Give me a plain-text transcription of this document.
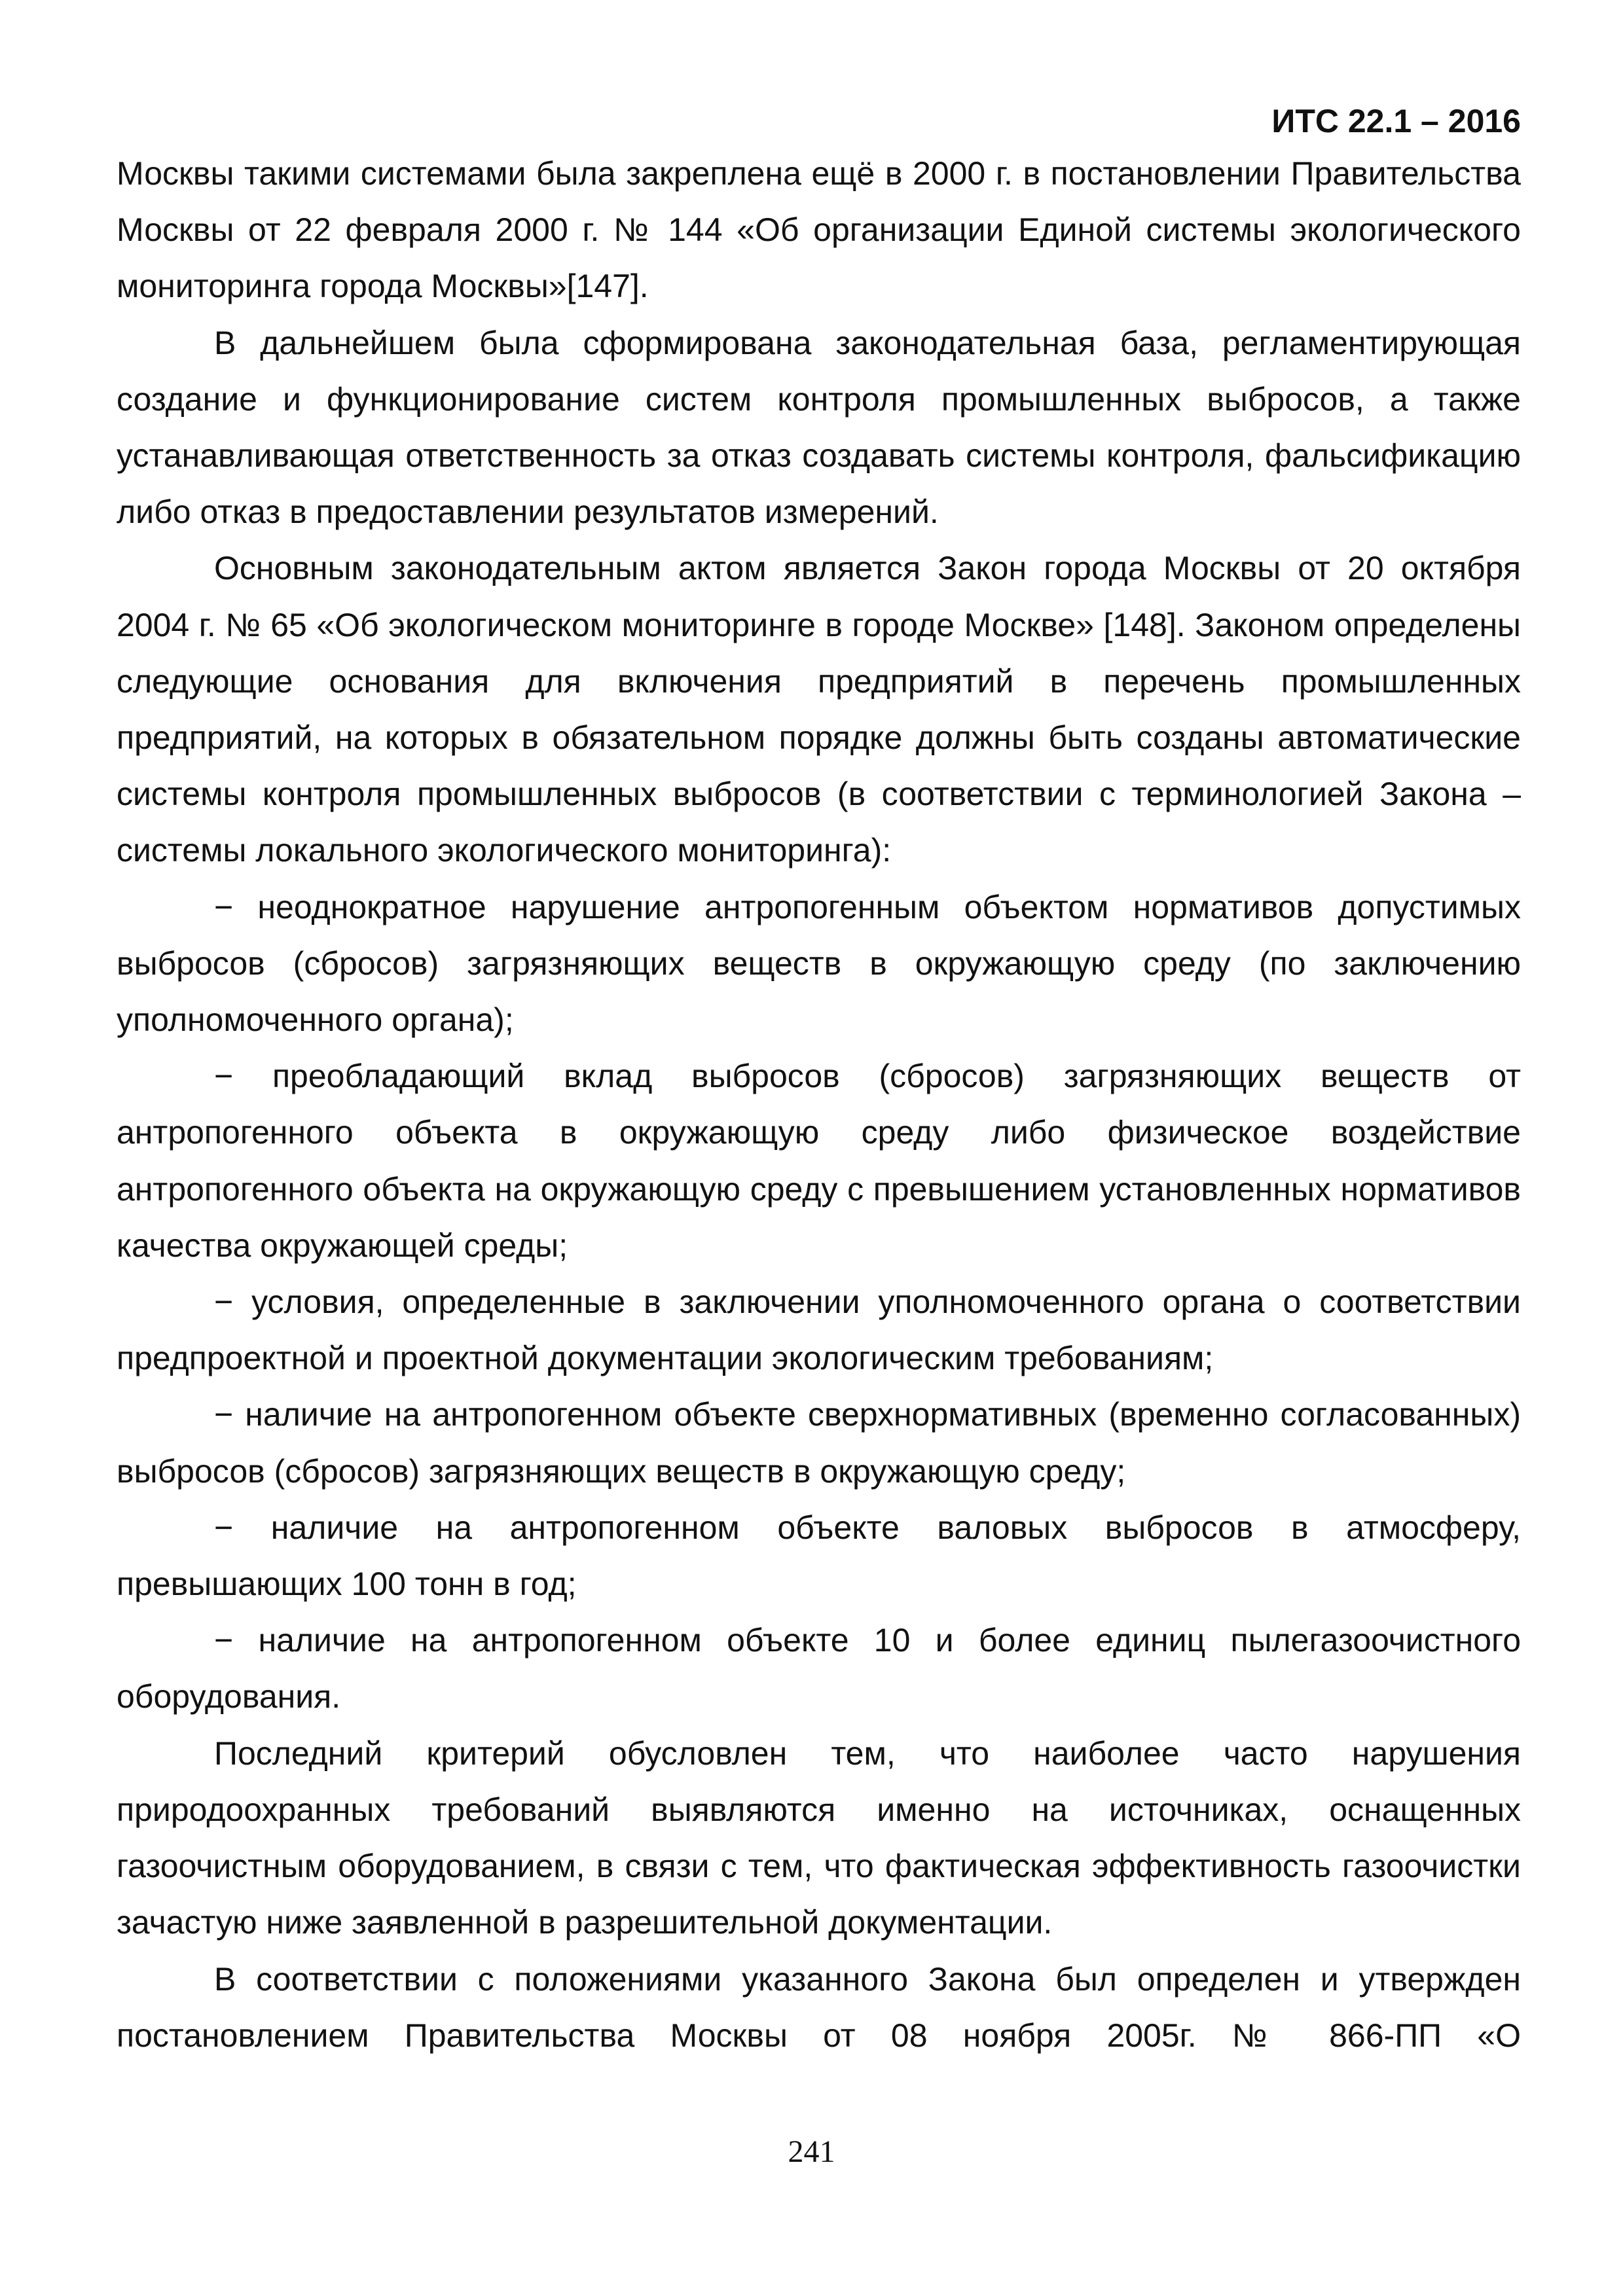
ИТС 22.1 – 2016

Москвы такими системами была закреплена ещё в 2000 г. в постановлении Правительства Москвы от 22 февраля 2000 г. № 144 «Об организации Единой системы экологического мониторинга города Москвы»[147].

В дальнейшем была сформирована законодательная база, регламентирующая создание и функционирование систем контроля промышленных выбросов, а также устанавливающая ответственность за отказ создавать системы контроля, фальсификацию либо отказ в предоставлении результатов измерений.

Основным законодательным актом является Закон города Москвы от 20 октября 2004 г. № 65 «Об экологическом мониторинге в городе Москве» [148]. Законом определены следующие основания для включения предприятий в перечень промышленных предприятий, на которых в обязательном порядке должны быть созданы автоматические системы контроля промышленных выбросов (в соответствии с терминологией Закона – системы локального экологического мониторинга):

− неоднократное нарушение антропогенным объектом нормативов допустимых выбросов (сбросов) загрязняющих веществ в окружающую среду (по заключению уполномоченного органа);

− преобладающий вклад выбросов (сбросов) загрязняющих веществ от антропогенного объекта в окружающую среду либо физическое воздействие антропогенного объекта на окружающую среду с превышением установленных нормативов качества окружающей среды;

− условия, определенные в заключении уполномоченного органа о соответствии предпроектной и проектной документации экологическим требованиям;

− наличие на антропогенном объекте сверхнормативных (временно согласованных) выбросов (сбросов) загрязняющих веществ в окружающую среду;

− наличие на антропогенном объекте валовых выбросов в атмосферу, превышающих 100 тонн в год;

− наличие на антропогенном объекте 10 и более единиц пылегазоочистного оборудования.

Последний критерий обусловлен тем, что наиболее часто нарушения природоохранных требований выявляются именно на источниках, оснащенных газоочистным оборудованием, в связи с тем, что фактическая эффективность газоочистки зачастую ниже заявленной в разрешительной документации.

В соответствии с положениями указанного Закона был определен и утвержден постановлением Правительства Москвы от 08 ноября 2005г. № 866-ПП «О

241
